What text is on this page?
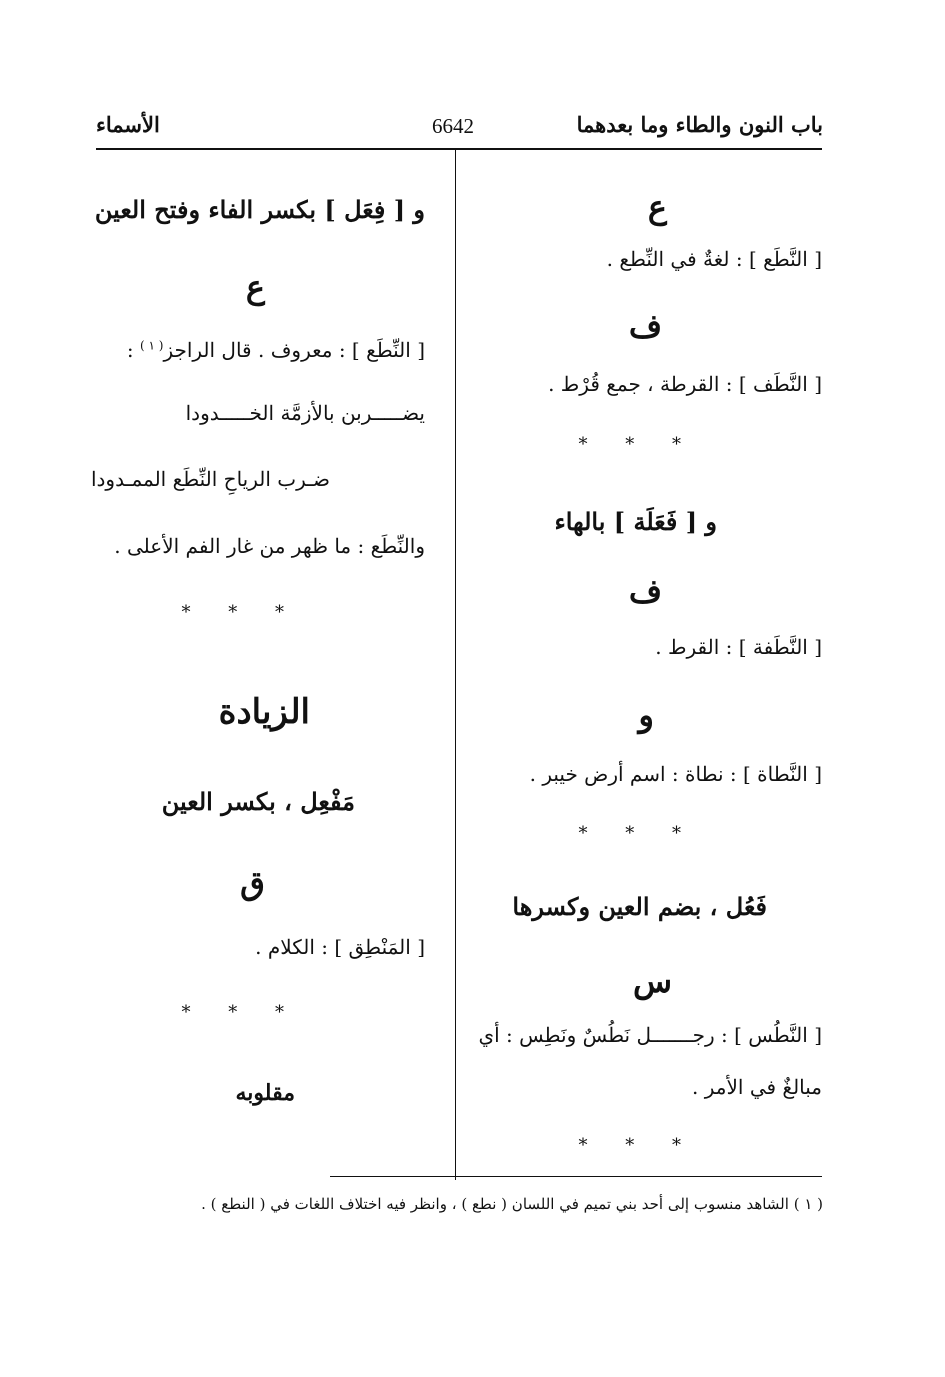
باب النون والطاء وما بعدهما
6642
الأسماء
ع
[ النَّطَع ] : لغةٌ في النِّطع .
ف
[ النَّطَف ] : القرطة ، جمع قُرْط .
* * *
و [ فَعَلَة ] بالهاء
ف
[ النَّطَفة ] : القرط .
و
[ النَّطاة ] : نطاة : اسم أرض خيبر .
* * *
فَعُل ، بضم العين وكسرها
س
[ النَّطُس ] : رجـــــــل نَطُسٌ ونَطِس : أي
مبالغٌ في الأمر .
* * *
و [ فِعَل ] بكسر الفاء وفتح العين
ع
[ النِّطَع ] : معروف . قال الراجز$^{( ١ )}$ :
يضـــــربن بالأزمَّة الخـــــدودا
ضـرب الرياحِ النِّطَع الممـدودا
والنِّطَع : ما ظهر من غار الفم الأعلى .
* * *
الزيادة
مَفْعِل ، بكسر العين
ق
[ المَنْطِق ] : الكلام .
* * *
مقلوبه
( ١ ) الشاهد منسوب إلى أحد بني تميم في اللسان ( نطع ) ، وانظر فيه اختلاف اللغات في ( النطع ) .
